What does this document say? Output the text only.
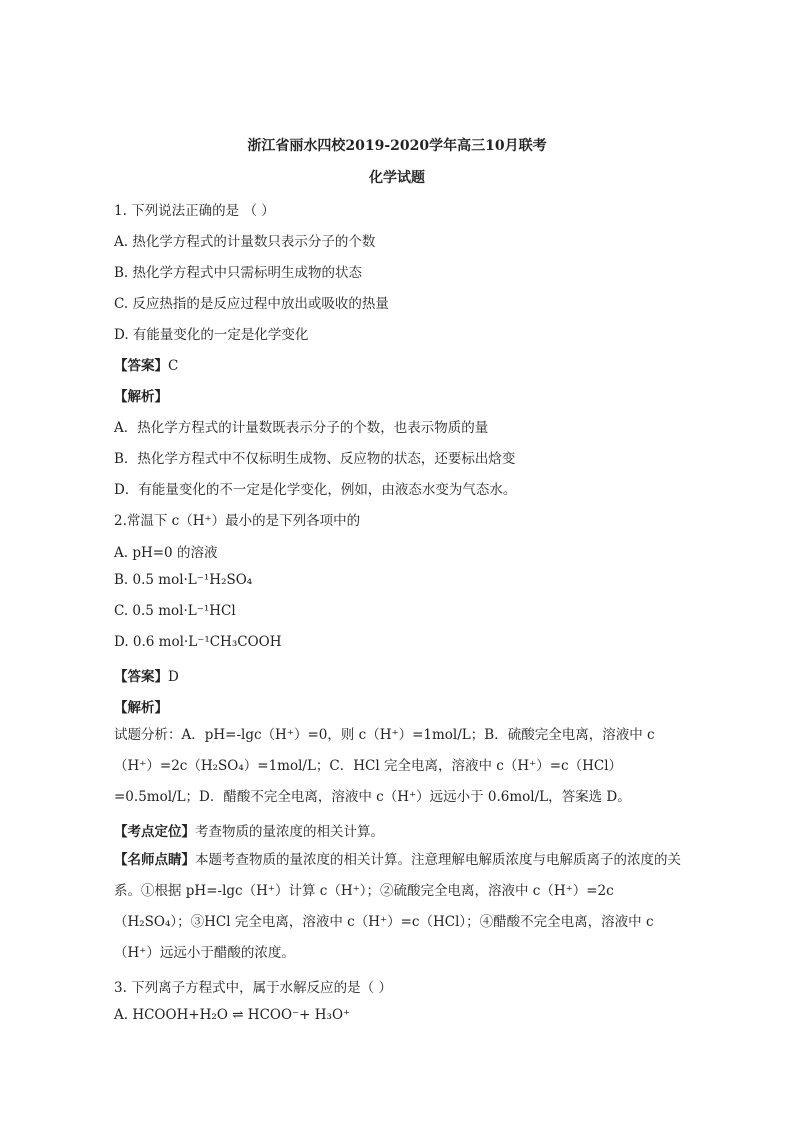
浙江省丽水四校2019-2020学年高三10月联考
化学试题
1. 下列说法正确的是 （ ）
A. 热化学方程式的计量数只表示分子的个数
B. 热化学方程式中只需标明生成物的状态
C. 反应热指的是反应过程中放出或吸收的热量
D. 有能量变化的一定是化学变化
【答案】C
【解析】
A．热化学方程式的计量数既表示分子的个数，也表示物质的量
B．热化学方程式中不仅标明生成物、反应物的状态，还要标出焓变
D．有能量变化的不一定是化学变化，例如，由液态水变为气态水。
2.常温下 c（H⁺）最小的是下列各项中的
A. pH=0 的溶液
B. 0.5 mol·L⁻¹H₂SO₄
C. 0.5 mol·L⁻¹HCl
D. 0.6 mol·L⁻¹CH₃COOH
【答案】D
【解析】
试题分析：A．pH=-lgc（H⁺）=0，则 c（H⁺）=1mol/L；B．硫酸完全电离，溶液中 c（H⁺）=2c（H₂SO₄）=1mol/L；C．HCl 完全电离，溶液中 c（H⁺）=c（HCl）=0.5mol/L；D．醋酸不完全电离，溶液中 c（H⁺）远远小于 0.6mol/L，答案选 D。
【考点定位】考查物质的量浓度的相关计算。
【名师点睛】本题考查物质的量浓度的相关计算。注意理解电解质浓度与电解质离子的浓度的关系。①根据 pH=-lgc（H⁺）计算 c（H⁺）；②硫酸完全电离，溶液中 c（H⁺）=2c（H₂SO₄）；③HCl 完全电离，溶液中 c（H⁺）=c（HCl）；④醋酸不完全电离，溶液中 c（H⁺）远远小于醋酸的浓度。
3. 下列离子方程式中，属于水解反应的是（ ）
A. HCOOH+H₂O ⇌ HCOO⁻+ H₃O⁺
